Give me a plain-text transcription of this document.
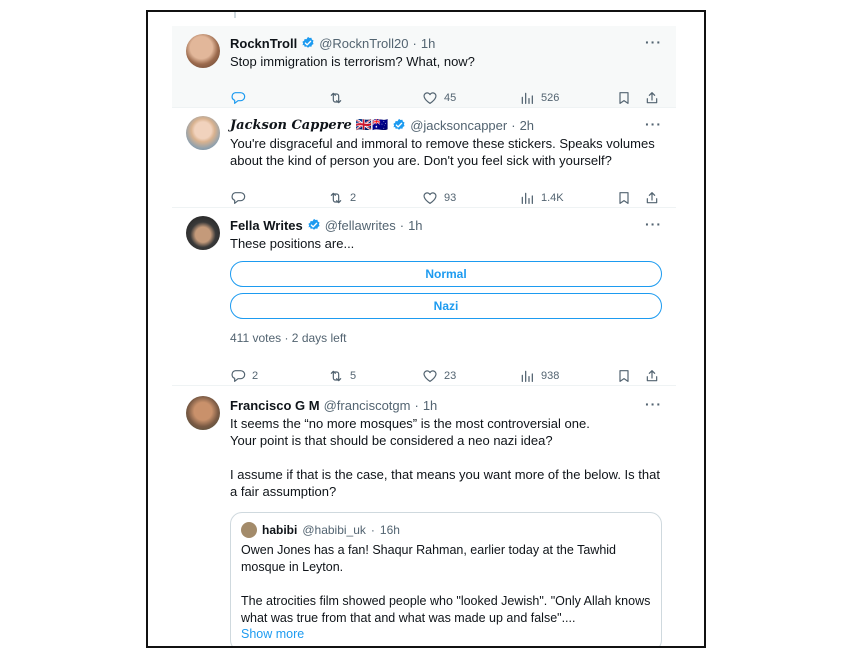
RocknTroll @RocknTroll20 · 1h	···
Stop immigration is terrorism? What, now?
45	526
Jackson Cappere 🇬🇧🇦🇺 @jacksoncapper · 2h	···
You're disgraceful and immoral to remove these stickers. Speaks volumes about the kind of person you are. Don't you feel sick with yourself?
2	93	1.4K
Fella Writes @fellawrites · 1h	···
These positions are...
Normal
Nazi
411 votes · 2 days left
2	5	23	938
Francisco G M @franciscotgm · 1h	···
It seems the “no more mosques” is the most controversial one.
Your point is that should be considered a neo nazi idea?

I assume if that is the case, that means you want more of the below. Is that a fair assumption?
habibi @habibi_uk · 16h
Owen Jones has a fan! Shaqur Rahman, earlier today at the Tawhid mosque in Leyton.

The atrocities film showed people who "looked Jewish". "Only Allah knows what was true from that and what was made up and false"....
Show more
